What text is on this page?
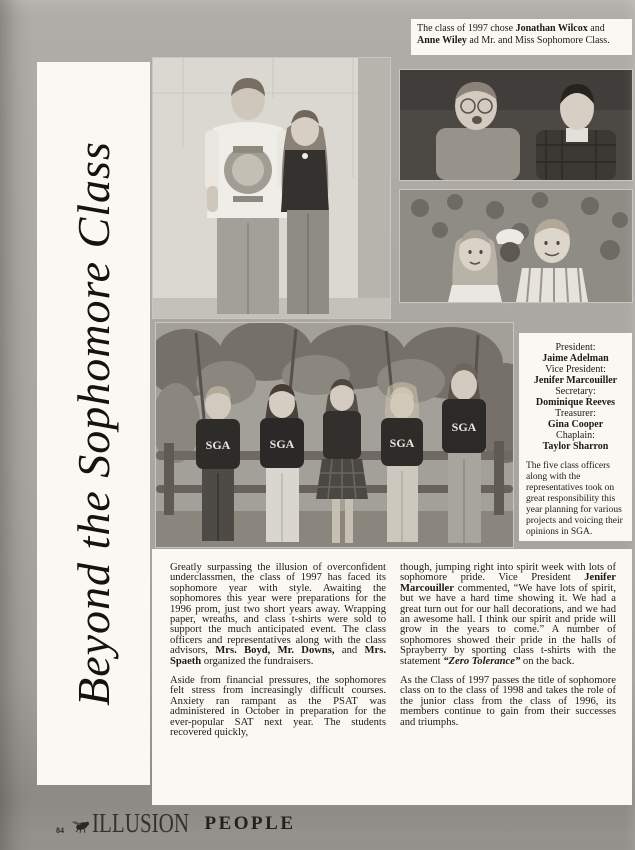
Beyond the Sophomore Class
The class of 1997 chose Jonathan Wilcox and Anne Wiley ad Mr. and Miss Sophomore Class.
SGA	SGA	SGA
SGA
President:
Jaime Adelman
Vice President:
Jenifer Marcouiller
Secretary:
Dominique Reeves
Treasurer:
Gina Cooper
Chaplain:
Taylor Sharron
The five class officers along with the representatives took on great responsibility this year planning for various projects and voicing their opinions in SGA.

Greatly surpassing the illusion of overconfident underclassmen, the class of 1997 has faced its sophomore year with style. Awaiting the sophomores this year were preparations for the 1996 prom, just two short years away. Wrapping paper, wreaths, and class t-shirts were sold to support the much anticipated event. The class officers and representatives along with the class advisors, Mrs. Boyd, Mr. Downs, and Mrs. Spaeth organized the fundraisers.

Aside from financial pressures, the sophomores felt stress from increasingly difficult courses. Anxiety ran rampant as the PSAT was administered in October in preparation for the ever-popular SAT next year. The students recovered quickly,

though, jumping right into spirit week with lots of sophomore pride. Vice President Jenifer Marcouiller commented, “We have lots of spirit, but we have a hard time showing it. We had a great turn out for our hall decorations, and we had an awesome hall. I think our spirit and pride will grow in the years to come.” A number of sophomores showed their pride in the halls of Sprayberry by sporting class t-shirts with the statement “Zero Tolerance” on the back.

As the Class of 1997 passes the title of sophomore class on to the class of 1998 and takes the role of the junior class from the class of 1996, its members continue to gain from their successes and triumphs.

84 ILLUSION PEOPLE
